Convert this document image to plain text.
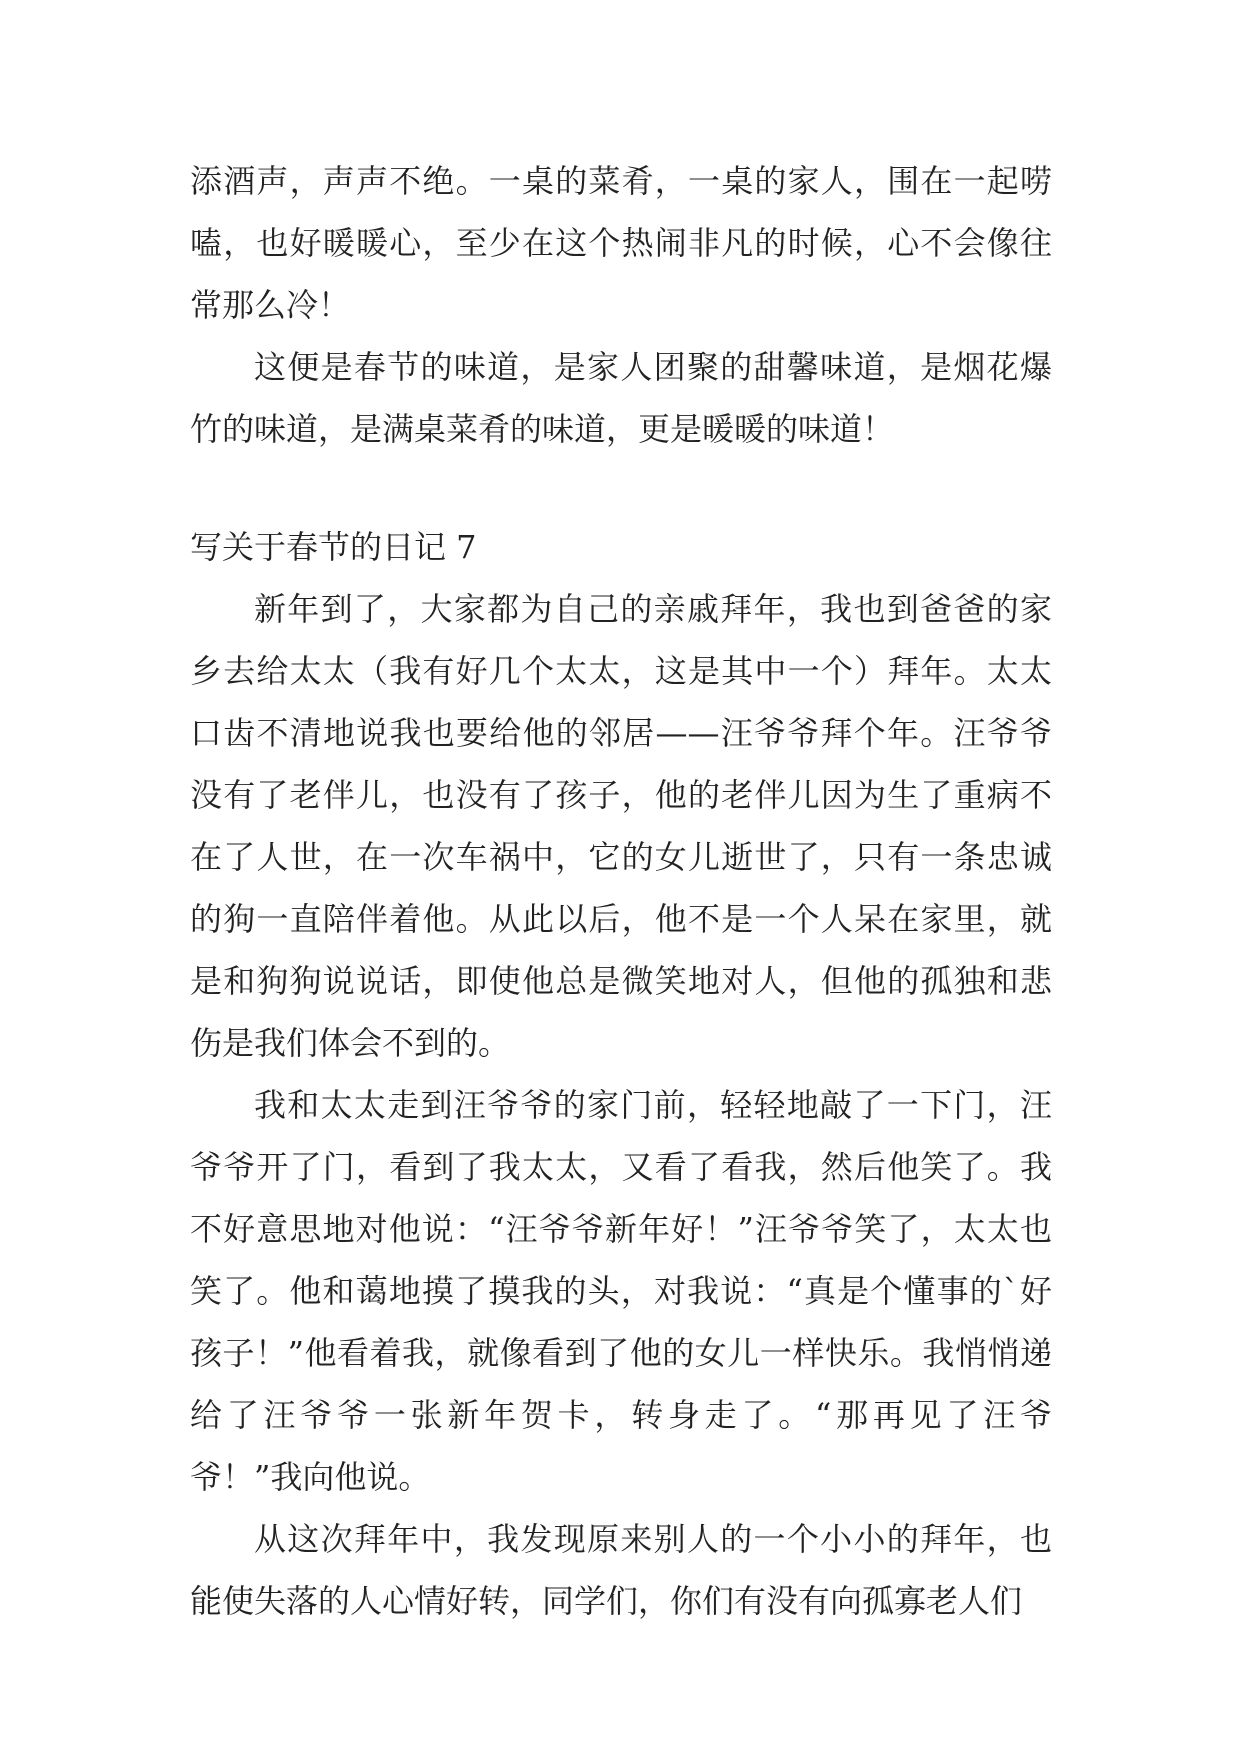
添酒声，声声不绝。一桌的菜肴，一桌的家人，围在一起唠嗑，也好暖暖心，至少在这个热闹非凡的时候，心不会像往常那么冷！

这便是春节的味道，是家人团聚的甜馨味道，是烟花爆竹的味道，是满桌菜肴的味道，更是暖暖的味道！

写关于春节的日记 7

新年到了，大家都为自己的亲戚拜年，我也到爸爸的家乡去给太太（我有好几个太太，这是其中一个）拜年。太太口齿不清地说我也要给他的邻居——汪爷爷拜个年。汪爷爷没有了老伴儿，也没有了孩子，他的老伴儿因为生了重病不在了人世，在一次车祸中，它的女儿逝世了，只有一条忠诚的狗一直陪伴着他。从此以后，他不是一个人呆在家里，就是和狗狗说说话，即使他总是微笑地对人，但他的孤独和悲伤是我们体会不到的。

我和太太走到汪爷爷的家门前，轻轻地敲了一下门，汪爷爷开了门，看到了我太太，又看了看我，然后他笑了。我不好意思地对他说：“汪爷爷新年好！”汪爷爷笑了，太太也笑了。他和蔼地摸了摸我的头，对我说：“真是个懂事的`好孩子！”他看着我，就像看到了他的女儿一样快乐。我悄悄递给了汪爷爷一张新年贺卡，转身走了。“那再见了汪爷爷！”我向他说。

从这次拜年中，我发现原来别人的一个小小的拜年，也能使失落的人心情好转，同学们，你们有没有向孤寡老人们
